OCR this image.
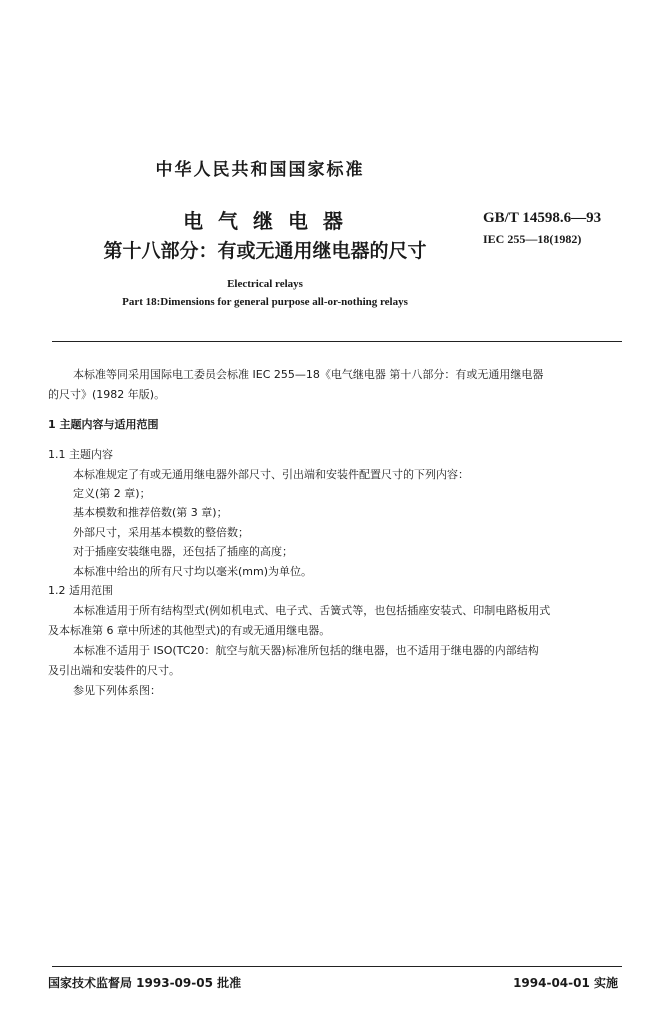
中华人民共和国国家标准
电 气 继 电 器
第十八部分：有或无通用继电器的尺寸
GB/T 14598.6—93
IEC 255—18(1982)
Electrical relays
Part 18:Dimensions for general purpose all-or-nothing relays
本标准等同采用国际电工委员会标准 IEC 255—18《电气继电器 第十八部分：有或无通用继电器
的尺寸》(1982 年版)。
1 主题内容与适用范围
1.1 主题内容
本标准规定了有或无通用继电器外部尺寸、引出端和安装件配置尺寸的下列内容：
定义(第 2 章)；
基本模数和推荐倍数(第 3 章)；
外部尺寸，采用基本模数的整倍数；
对于插座安装继电器，还包括了插座的高度；
本标准中给出的所有尺寸均以毫米(mm)为单位。
1.2 适用范围
本标准适用于所有结构型式(例如机电式、电子式、舌簧式等，也包括插座安装式、印制电路板用式
及本标准第 6 章中所述的其他型式)的有或无通用继电器。
本标准不适用于 ISO(TC20：航空与航天器)标准所包括的继电器，也不适用于继电器的内部结构
及引出端和安装件的尺寸。
参见下列体系图：
国家技术监督局 1993-09-05 批准	1994-04-01 实施
